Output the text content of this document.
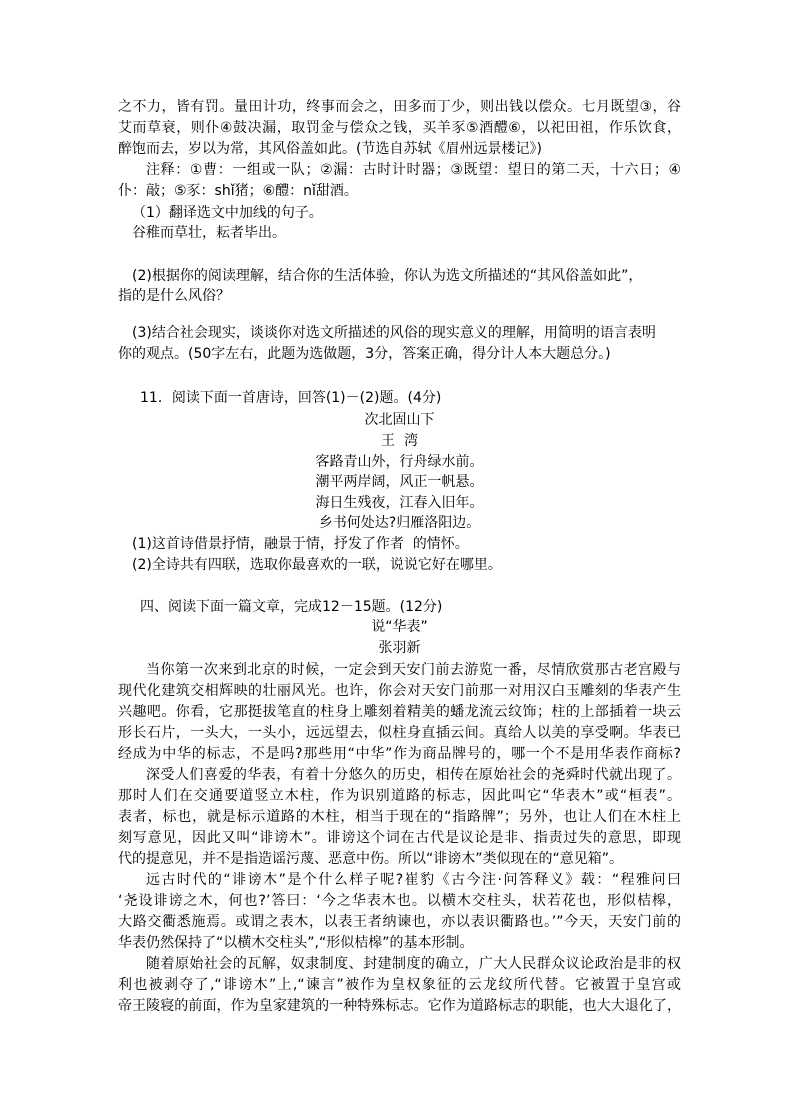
之不力，皆有罚。量田计功，终事而会之，田多而丁少，则出钱以偿众。七月既望③，谷
艾而草衰，则仆④鼓决漏，取罚金与偿众之钱，买羊豕⑤酒醴⑥，以祀田祖，作乐饮食，
醉饱而去，岁以为常，其风俗盖如此。(节选自苏轼《眉州远景楼记》)
注释：①曹：一组或一队；②漏：古时计时器；③既望：望日的第二天，十六日；④
仆：敲；⑤豕：shǐ猪；⑥醴：nǐ甜酒。
（1）翻译选文中加线的句子。
谷稚而草壮，耘者毕出。
(2)根据你的阅读理解，结合你的生活体验，你认为选文所描述的“其风俗盖如此”，
指的是什么风俗？
(3)结合社会现实，谈谈你对选文所描述的风俗的现实意义的理解，用简明的语言表明
你的观点。(50字左右，此题为选做题，3分，答案正确，得分计人本大题总分。)
11．阅读下面一首唐诗，回答(1)－(2)题。(4分)
次北固山下
王  湾
客路青山外，行舟绿水前。
潮平两岸阔，风正一帆悬。
海日生残夜，江春入旧年。
乡书何处达?归雁洛阳边。
(1)这首诗借景抒情，融景于情，抒发了作者  的情怀。
(2)全诗共有四联，选取你最喜欢的一联，说说它好在哪里。
四、阅读下面一篇文章，完成12－15题。(12分)
说“华表”
张羽新
当你第一次来到北京的时候，一定会到天安门前去游览一番，尽情欣赏那古老宫殿与
现代化建筑交相辉映的壮丽风光。也许，你会对天安门前那一对用汉白玉雕刻的华表产生
兴趣吧。你看，它那挺拔笔直的柱身上雕刻着精美的蟠龙流云纹饰；柱的上部插着一块云
形长石片，一头大，一头小，远远望去，似柱身直插云间。真给人以美的享受啊。华表已
经成为中华的标志，不是吗?那些用“中华”作为商品牌号的，哪一个不是用华表作商标?
深受人们喜爱的华表，有着十分悠久的历史，相传在原始社会的尧舜时代就出现了。
那时人们在交通要道竖立木柱，作为识别道路的标志，因此叫它“华表木”或“桓表”。
表者，标也，就是标示道路的木柱，相当于现在的“指路牌”；另外，也让人们在木柱上
刻写意见，因此又叫“诽谤木”。诽谤这个词在古代是议论是非、指责过失的意思，即现
代的提意见，并不是指造谣污蔑、恶意中伤。所以“诽谤木”类似现在的“意见箱”。
远古时代的“诽谤木”是个什么样子呢?崔豹《古今注·问答释义》载：“程雅问曰
‘尧设诽谤之木，何也?’答曰：‘今之华表木也。以横木交柱头，状若花也，形似桔槔，
大路交衢悉施焉。或谓之表木，以表王者纳谏也，亦以表识衢路也。’”今天，天安门前的
华表仍然保持了“以横木交柱头”,“形似桔槔”的基本形制。
随着原始社会的瓦解，奴隶制度、封建制度的确立，广大人民群众议论政治是非的权
利也被剥夺了,“诽谤木”上,“谏言”被作为皇权象征的云龙纹所代替。它被置于皇宫或
帝王陵寝的前面，作为皇家建筑的一种特殊标志。它作为道路标志的职能，也大大退化了，
